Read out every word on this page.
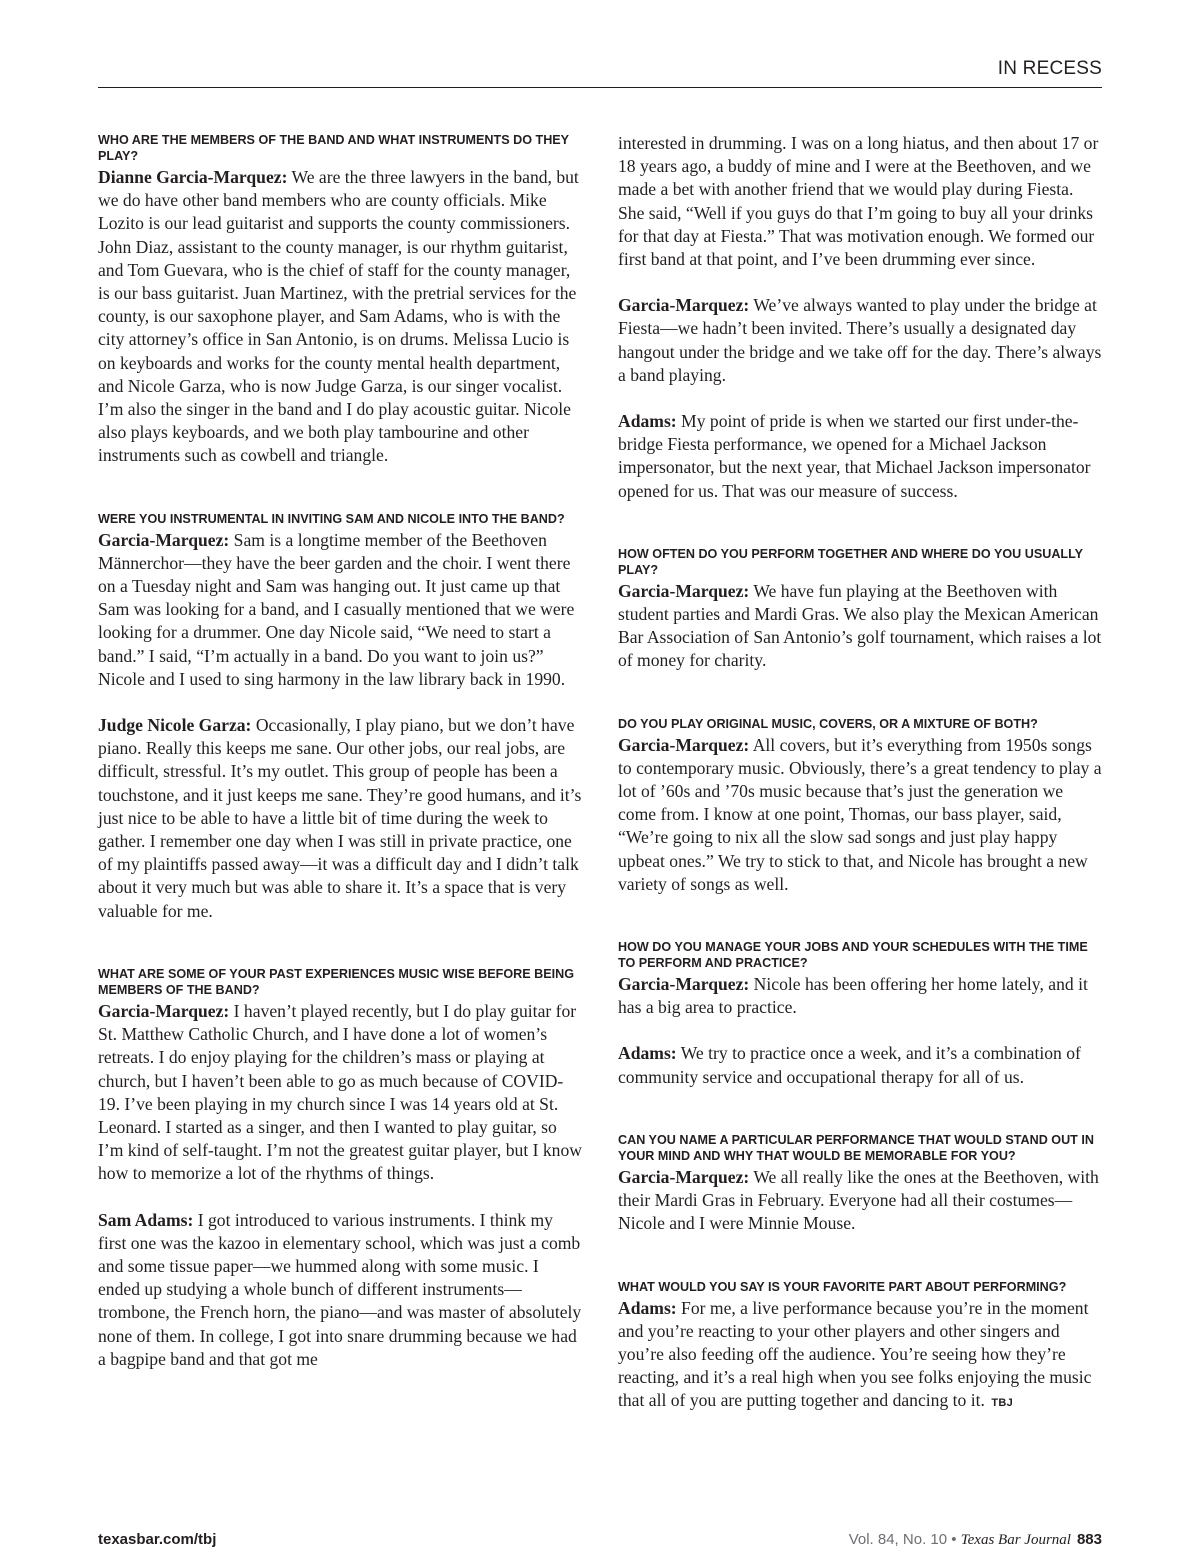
IN RECESS
WHO ARE THE MEMBERS OF THE BAND AND WHAT INSTRUMENTS DO THEY PLAY?

Dianne Garcia-Marquez: We are the three lawyers in the band, but we do have other band members who are county officials. Mike Lozito is our lead guitarist and supports the county commissioners. John Diaz, assistant to the county manager, is our rhythm guitarist, and Tom Guevara, who is the chief of staff for the county manager, is our bass guitarist. Juan Martinez, with the pretrial services for the county, is our saxophone player, and Sam Adams, who is with the city attorney’s office in San Antonio, is on drums. Melissa Lucio is on keyboards and works for the county mental health department, and Nicole Garza, who is now Judge Garza, is our singer vocalist. I’m also the singer in the band and I do play acoustic guitar. Nicole also plays keyboards, and we both play tambourine and other instruments such as cowbell and triangle.

WERE YOU INSTRUMENTAL IN INVITING SAM AND NICOLE INTO THE BAND?

Garcia-Marquez: Sam is a longtime member of the Beethoven Männerchor—they have the beer garden and the choir. I went there on a Tuesday night and Sam was hanging out. It just came up that Sam was looking for a band, and I casually mentioned that we were looking for a drummer. One day Nicole said, “We need to start a band.” I said, “I’m actually in a band. Do you want to join us?” Nicole and I used to sing harmony in the law library back in 1990.

Judge Nicole Garza: Occasionally, I play piano, but we don’t have piano. Really this keeps me sane. Our other jobs, our real jobs, are difficult, stressful. It’s my outlet. This group of people has been a touchstone, and it just keeps me sane. They’re good humans, and it’s just nice to be able to have a little bit of time during the week to gather. I remember one day when I was still in private practice, one of my plaintiffs passed away—it was a difficult day and I didn’t talk about it very much but was able to share it. It’s a space that is very valuable for me.

WHAT ARE SOME OF YOUR PAST EXPERIENCES MUSIC WISE BEFORE BEING MEMBERS OF THE BAND?

Garcia-Marquez: I haven’t played recently, but I do play guitar for St. Matthew Catholic Church, and I have done a lot of women’s retreats. I do enjoy playing for the children’s mass or playing at church, but I haven’t been able to go as much because of COVID-19. I’ve been playing in my church since I was 14 years old at St. Leonard. I started as a singer, and then I wanted to play guitar, so I’m kind of self-taught. I’m not the greatest guitar player, but I know how to memorize a lot of the rhythms of things.

Sam Adams: I got introduced to various instruments. I think my first one was the kazoo in elementary school, which was just a comb and some tissue paper—we hummed along with some music. I ended up studying a whole bunch of different instruments—trombone, the French horn, the piano—and was master of absolutely none of them. In college, I got into snare drumming because we had a bagpipe band and that got me

interested in drumming. I was on a long hiatus, and then about 17 or 18 years ago, a buddy of mine and I were at the Beethoven, and we made a bet with another friend that we would play during Fiesta. She said, “Well if you guys do that I’m going to buy all your drinks for that day at Fiesta.” That was motivation enough. We formed our first band at that point, and I’ve been drumming ever since.

Garcia-Marquez: We’ve always wanted to play under the bridge at Fiesta—we hadn’t been invited. There’s usually a designated day hangout under the bridge and we take off for the day. There’s always a band playing.

Adams: My point of pride is when we started our first under-the-bridge Fiesta performance, we opened for a Michael Jackson impersonator, but the next year, that Michael Jackson impersonator opened for us. That was our measure of success.

HOW OFTEN DO YOU PERFORM TOGETHER AND WHERE DO YOU USUALLY PLAY?

Garcia-Marquez: We have fun playing at the Beethoven with student parties and Mardi Gras. We also play the Mexican American Bar Association of San Antonio’s golf tournament, which raises a lot of money for charity.

DO YOU PLAY ORIGINAL MUSIC, COVERS, OR A MIXTURE OF BOTH?

Garcia-Marquez: All covers, but it’s everything from 1950s songs to contemporary music. Obviously, there’s a great tendency to play a lot of ’60s and ’70s music because that’s just the generation we come from. I know at one point, Thomas, our bass player, said, “We’re going to nix all the slow sad songs and just play happy upbeat ones.” We try to stick to that, and Nicole has brought a new variety of songs as well.

HOW DO YOU MANAGE YOUR JOBS AND YOUR SCHEDULES WITH THE TIME TO PERFORM AND PRACTICE?

Garcia-Marquez: Nicole has been offering her home lately, and it has a big area to practice.

Adams: We try to practice once a week, and it’s a combination of community service and occupational therapy for all of us.

CAN YOU NAME A PARTICULAR PERFORMANCE THAT WOULD STAND OUT IN YOUR MIND AND WHY THAT WOULD BE MEMORABLE FOR YOU?

Garcia-Marquez: We all really like the ones at the Beethoven, with their Mardi Gras in February. Everyone had all their costumes—Nicole and I were Minnie Mouse.

WHAT WOULD YOU SAY IS YOUR FAVORITE PART ABOUT PERFORMING?

Adams: For me, a live performance because you’re in the moment and you’re reacting to your other players and other singers and you’re also feeding off the audience. You’re seeing how they’re reacting, and it’s a real high when you see folks enjoying the music that all of you are putting together and dancing to it. TBJ

texasbar.com/tbj	Vol. 84, No. 10 • Texas Bar Journal 883
